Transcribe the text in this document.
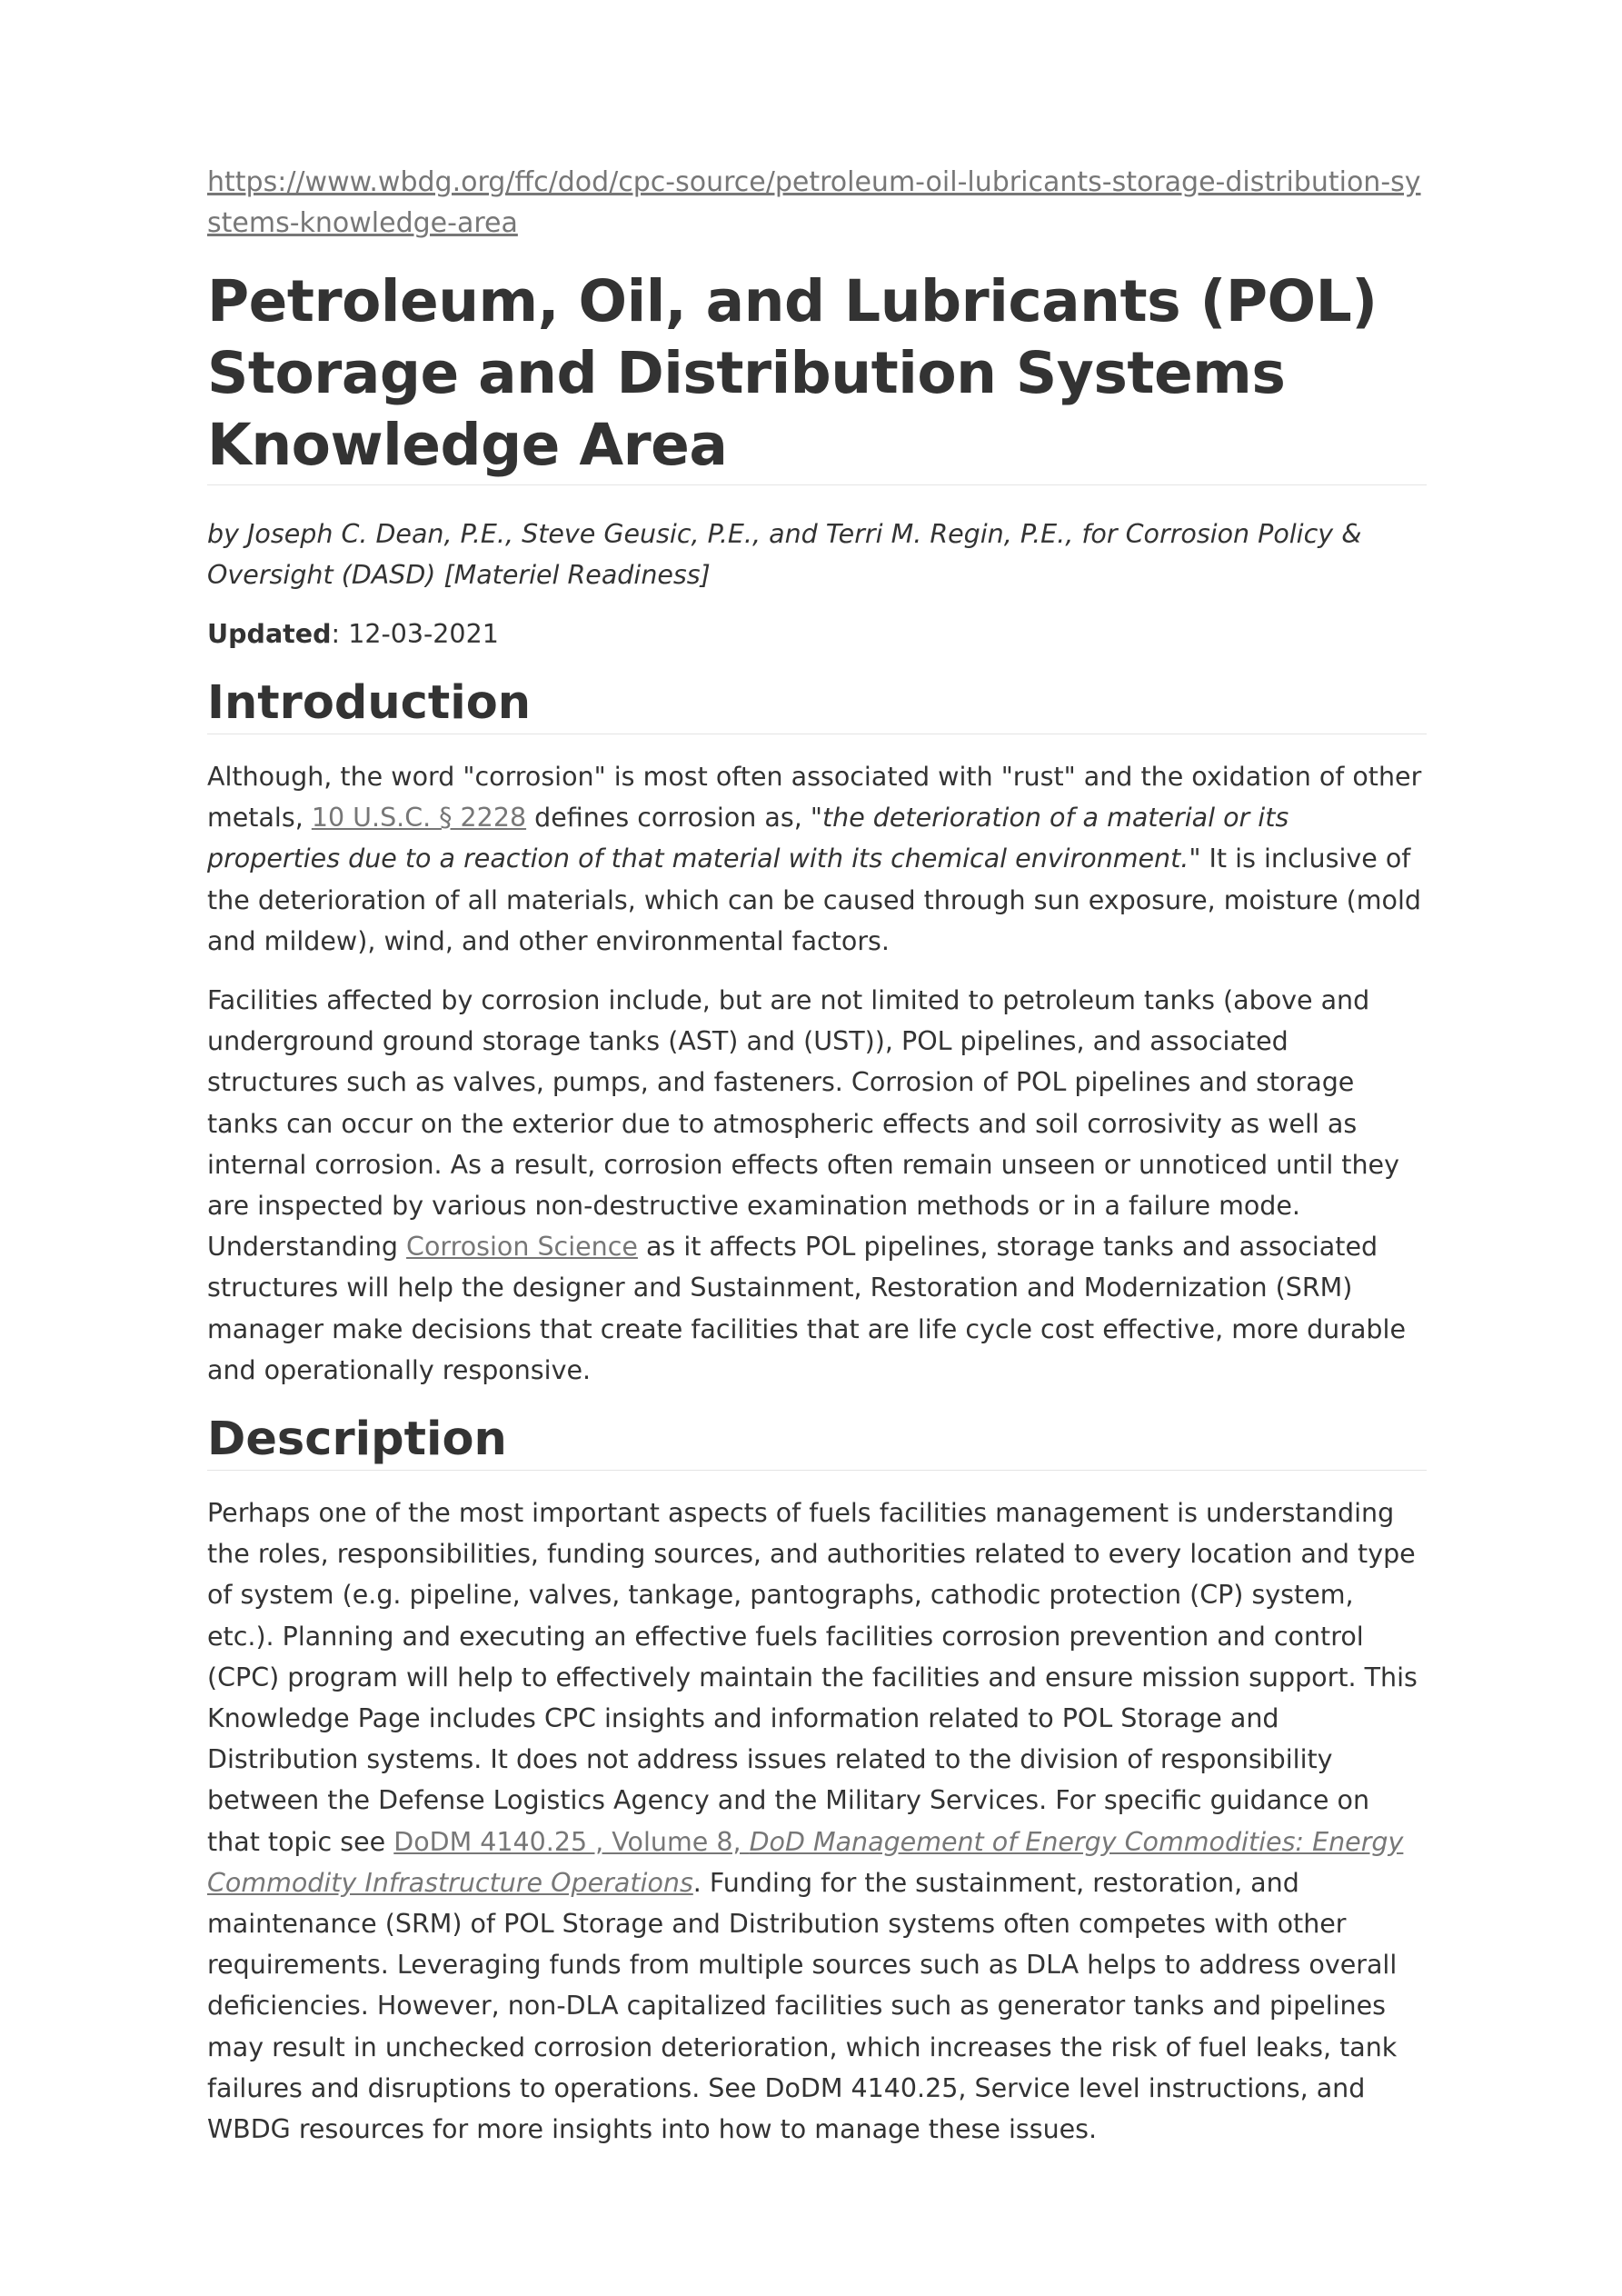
https://www.wbdg.org/ffc/dod/cpc-source/petroleum-oil-lubricants-storage-distribution-systems-knowledge-area
Petroleum, Oil, and Lubricants (POL) Storage and Distribution Systems Knowledge Area

by Joseph C. Dean, P.E., Steve Geusic, P.E., and Terri M. Regin, P.E., for Corrosion Policy & Oversight (DASD) [Materiel Readiness]

Updated: 12-03-2021

Introduction

Although, the word "corrosion" is most often associated with "rust" and the oxidation of other metals, 10 U.S.C. § 2228 defines corrosion as, "the deterioration of a material or its properties due to a reaction of that material with its chemical environment." It is inclusive of the deterioration of all materials, which can be caused through sun exposure, moisture (mold and mildew), wind, and other environmental factors.

Facilities affected by corrosion include, but are not limited to petroleum tanks (above and underground ground storage tanks (AST) and (UST)), POL pipelines, and associated structures such as valves, pumps, and fasteners. Corrosion of POL pipelines and storage tanks can occur on the exterior due to atmospheric effects and soil corrosivity as well as internal corrosion. As a result, corrosion effects often remain unseen or unnoticed until they are inspected by various non-destructive examination methods or in a failure mode. Understanding Corrosion Science as it affects POL pipelines, storage tanks and associated structures will help the designer and Sustainment, Restoration and Modernization (SRM) manager make decisions that create facilities that are life cycle cost effective, more durable and operationally responsive.

Description

Perhaps one of the most important aspects of fuels facilities management is understanding the roles, responsibilities, funding sources, and authorities related to every location and type of system (e.g. pipeline, valves, tankage, pantographs, cathodic protection (CP) system, etc.). Planning and executing an effective fuels facilities corrosion prevention and control (CPC) program will help to effectively maintain the facilities and ensure mission support. This Knowledge Page includes CPC insights and information related to POL Storage and Distribution systems. It does not address issues related to the division of responsibility between the Defense Logistics Agency and the Military Services. For specific guidance on that topic see DoDM 4140.25 , Volume 8, DoD Management of Energy Commodities: Energy Commodity Infrastructure Operations. Funding for the sustainment, restoration, and maintenance (SRM) of POL Storage and Distribution systems often competes with other requirements. Leveraging funds from multiple sources such as DLA helps to address overall deficiencies. However, non-DLA capitalized facilities such as generator tanks and pipelines may result in unchecked corrosion deterioration, which increases the risk of fuel leaks, tank failures and disruptions to operations. See DoDM 4140.25, Service level instructions, and WBDG resources for more insights into how to manage these issues.
